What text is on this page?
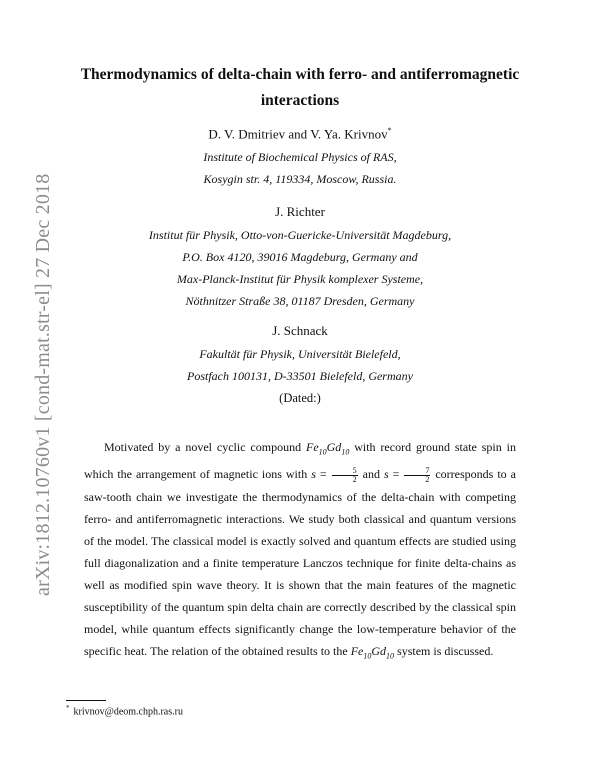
arXiv:1812.10760v1 [cond-mat.str-el] 27 Dec 2018
Thermodynamics of delta-chain with ferro- and antiferromagnetic
interactions
D. V. Dmitriev and V. Ya. Krivnov*
Institute of Biochemical Physics of RAS,
Kosygin str. 4, 119334, Moscow, Russia.
J. Richter
Institut für Physik, Otto-von-Guericke-Universität Magdeburg,
P.O. Box 4120, 39016 Magdeburg, Germany and
Max-Planck-Institut für Physik komplexer Systeme,
Nöthnitzer Straße 38, 01187 Dresden, Germany
J. Schnack
Fakultät für Physik, Universität Bielefeld,
Postfach 100131, D-33501 Bielefeld, Germany
(Dated:)

Motivated by a novel cyclic compound $Fe_{10}Gd_{10}$ with record ground state spin in which the arrangement of magnetic ions with $s = \frac{5}{2}$ and $s = \frac{7}{2}$ corresponds to a saw-tooth chain we investigate the thermodynamics of the delta-chain with competing ferro- and antiferromagnetic interactions. We study both classical and quantum versions of the model. The classical model is exactly solved and quantum effects are studied using full diagonalization and a finite temperature Lanczos technique for finite delta-chains as well as modified spin wave theory. It is shown that the main features of the magnetic susceptibility of the quantum spin delta chain are correctly described by the classical spin model, while quantum effects significantly change the low-temperature behavior of the specific heat. The relation of the obtained results to the $Fe_{10}Gd_{10}$ system is discussed.

* krivnov@deom.chph.ras.ru
